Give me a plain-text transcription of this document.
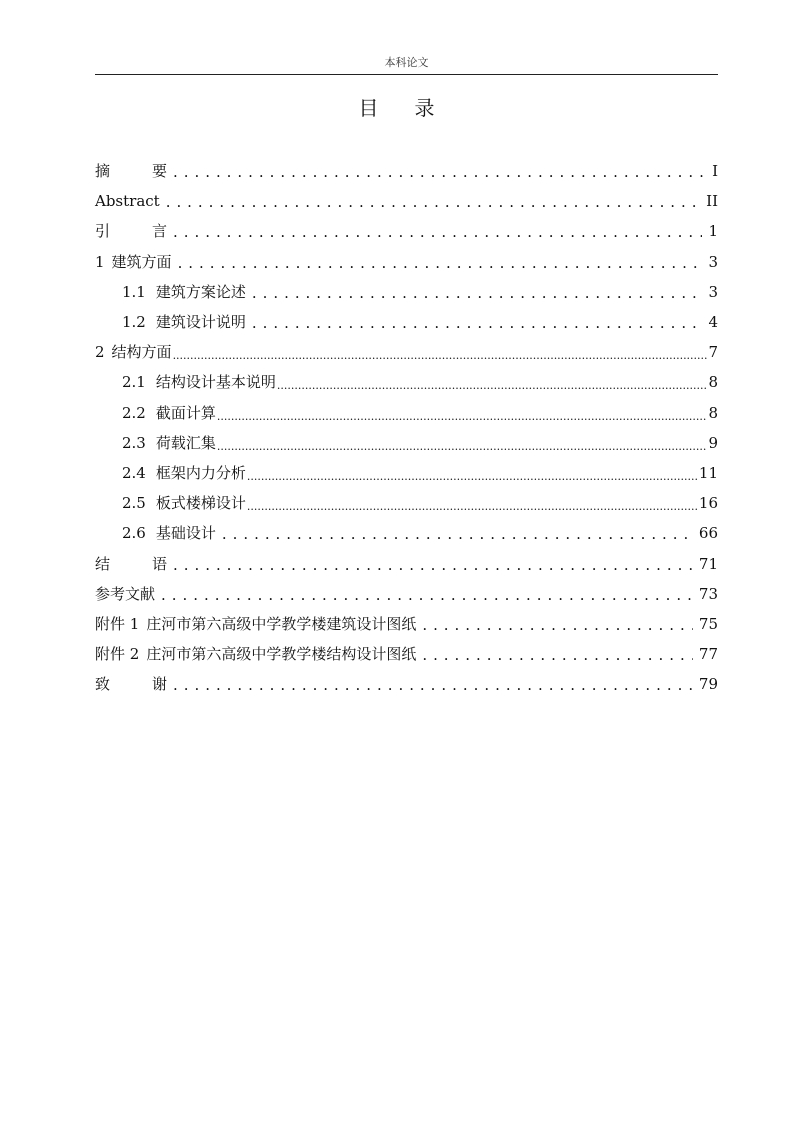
本科论文
目 录
摘要 . . .	I
Abstract . . .	II
引言 . . .	1
1 建筑方面 . . .	3
1.1 建筑方案论述 . . .	3
1.2 建筑设计说明 . . .	4
2 结构方面 .....	7
2.1 结构设计基本说明 .....	8
2.2 截面计算 .....	8
2.3 荷载汇集 .....	9
2.4 框架内力分析 .....	11
2.5 板式楼梯设计 .....	16
2.6 基础设计 . . .	66
结语 . . .	71
参考文献 . . .	73
附件 1 庄河市第六高级中学教学楼建筑设计图纸 . . .	75
附件 2 庄河市第六高级中学教学楼结构设计图纸 . . .	77
致谢 . . .	79
